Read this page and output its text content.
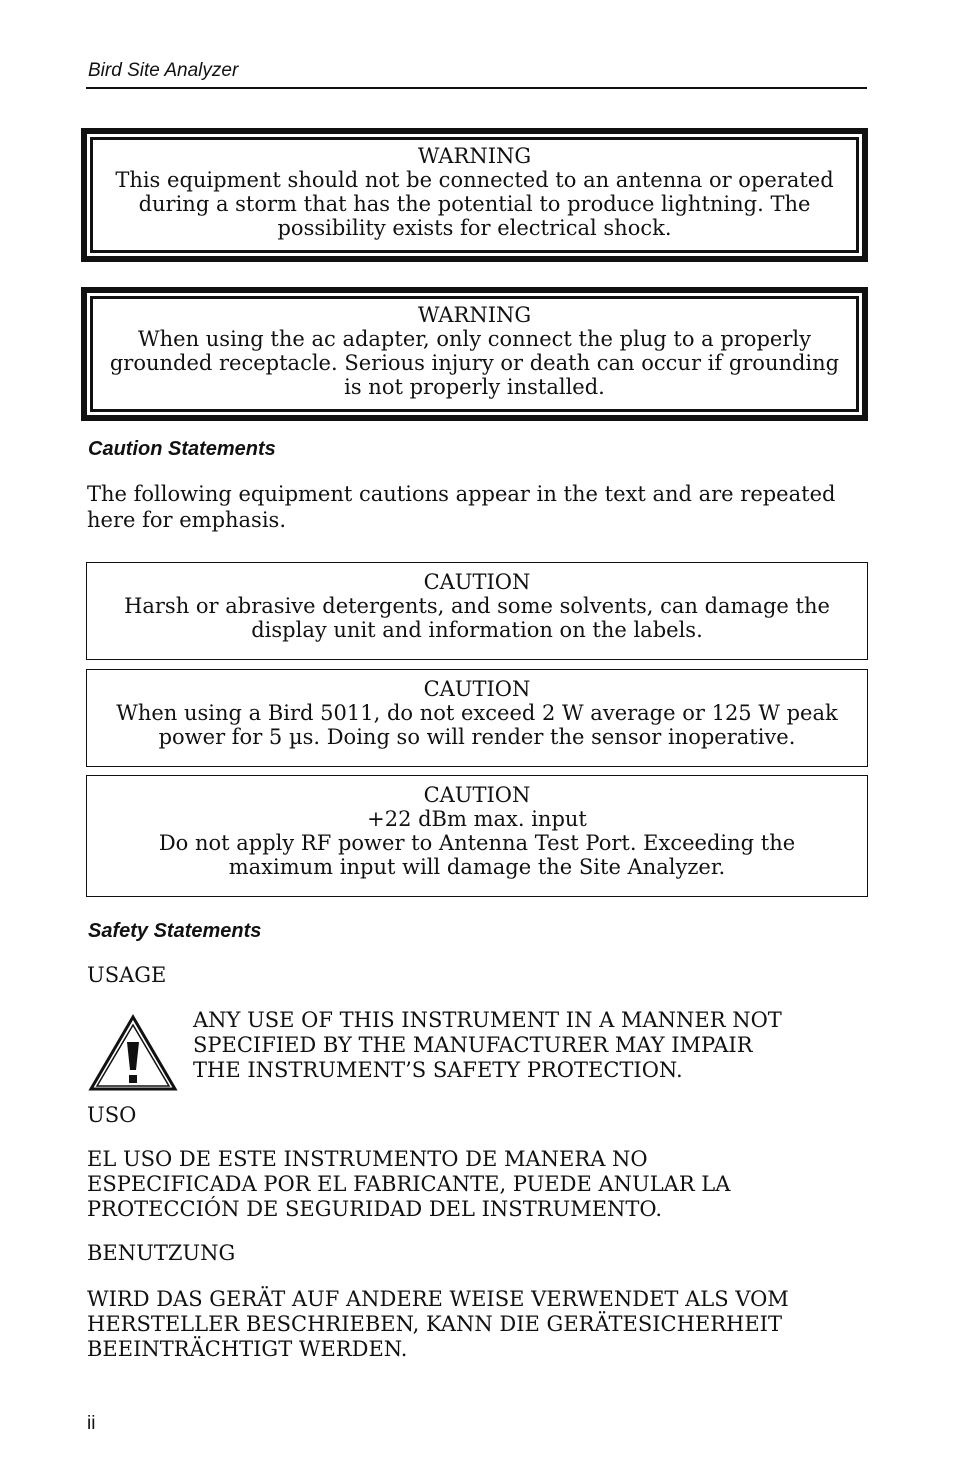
Bird Site Analyzer
WARNING
This equipment should not be connected to an antenna or operated
during a storm that has the potential to produce lightning. The
possibility exists for electrical shock.
WARNING
When using the ac adapter, only connect the plug to a properly
grounded receptacle. Serious injury or death can occur if grounding
is not properly installed.
Caution Statements
The following equipment cautions appear in the text and are repeated
here for emphasis.
CAUTION
Harsh or abrasive detergents, and some solvents, can damage the
display unit and information on the labels.
CAUTION
When using a Bird 5011, do not exceed 2 W average or 125 W peak
power for 5 µs. Doing so will render the sensor inoperative.
CAUTION
+22 dBm max. input
Do not apply RF power to Antenna Test Port. Exceeding the
maximum input will damage the Site Analyzer.
Safety Statements
USAGE
ANY USE OF THIS INSTRUMENT IN A MANNER NOT
SPECIFIED BY THE MANUFACTURER MAY IMPAIR
THE INSTRUMENT’S SAFETY PROTECTION.
USO
EL USO DE ESTE INSTRUMENTO DE MANERA NO
ESPECIFICADA POR EL FABRICANTE, PUEDE ANULAR LA
PROTECCIÓN DE SEGURIDAD DEL INSTRUMENTO.
BENUTZUNG
WIRD DAS GERÄT AUF ANDERE WEISE VERWENDET ALS VOM
HERSTELLER BESCHRIEBEN, KANN DIE GERÄTESICHERHEIT
BEEINTRÄCHTIGT WERDEN.
ii
